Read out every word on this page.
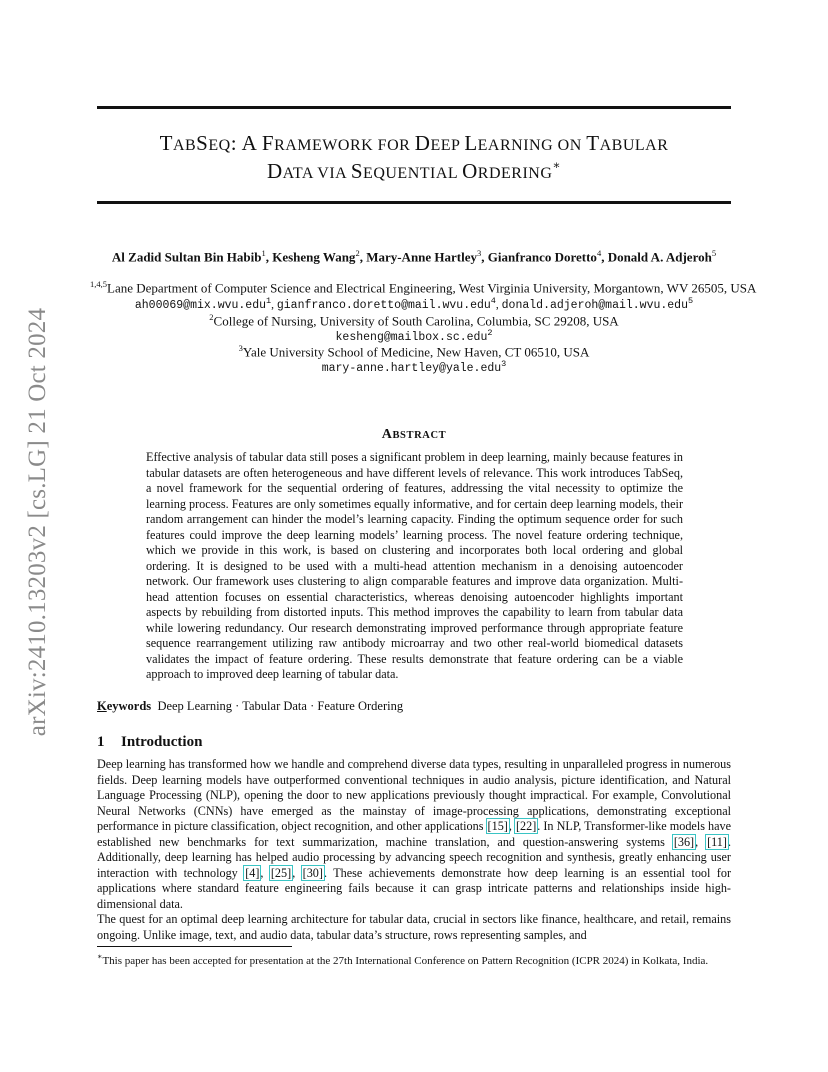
arXiv:2410.13203v2 [cs.LG] 21 Oct 2024
TABSEQ: A FRAMEWORK FOR DEEP LEARNING ON TABULAR
DATA VIA SEQUENTIAL ORDERING∗
Al Zadid Sultan Bin Habib$^1$, Kesheng Wang$^2$, Mary-Anne Hartley$^3$, Gianfranco Doretto$^4$, Donald A. Adjeroh$^5$
$^{1,4,5}$Lane Department of Computer Science and Electrical Engineering, West Virginia University, Morgantown, WV 26505, USA
ah00069@mix.wvu.edu$^1$, gianfranco.doretto@mail.wvu.edu$^4$, donald.adjeroh@mail.wvu.edu$^5$
$^2$College of Nursing, University of South Carolina, Columbia, SC 29208, USA
kesheng@mailbox.sc.edu$^2$
$^3$Yale University School of Medicine, New Haven, CT 06510, USA
mary-anne.hartley@yale.edu$^3$
ABSTRACT
Effective analysis of tabular data still poses a significant problem in deep learning, mainly because features in tabular datasets are often heterogeneous and have different levels of relevance. This work introduces TabSeq, a novel framework for the sequential ordering of features, addressing the vital necessity to optimize the learning process. Features are only sometimes equally informative, and for certain deep learning models, their random arrangement can hinder the model’s learning capacity. Finding the optimum sequence order for such features could improve the deep learning models’ learning process. The novel feature ordering technique, which we provide in this work, is based on clustering and incorporates both local ordering and global ordering. It is designed to be used with a multi-head attention mechanism in a denoising autoencoder network. Our framework uses clustering to align comparable features and improve data organization. Multi-head attention focuses on essential characteristics, whereas denoising autoencoder highlights important aspects by rebuilding from distorted inputs. This method improves the capability to learn from tabular data while lowering redundancy. Our research demonstrating improved performance through appropriate feature sequence rearrangement utilizing raw antibody microarray and two other real-world biomedical datasets validates the impact of feature ordering. These results demonstrate that feature ordering can be a viable approach to improved deep learning of tabular data.
Keywords Deep Learning · Tabular Data · Feature Ordering
1 Introduction
Deep learning has transformed how we handle and comprehend diverse data types, resulting in unparalleled progress in numerous fields. Deep learning models have outperformed conventional techniques in audio analysis, picture identification, and Natural Language Processing (NLP), opening the door to new applications previously thought impractical. For example, Convolutional Neural Networks (CNNs) have emerged as the mainstay of image-processing applications, demonstrating exceptional performance in picture classification, object recognition, and other applications [15], [22]. In NLP, Transformer-like models have established new benchmarks for text summarization, machine translation, and question-answering systems [36], [11]. Additionally, deep learning has helped audio processing by advancing speech recognition and synthesis, greatly enhancing user interaction with technology [4], [25], [30]. These achievements demonstrate how deep learning is an essential tool for applications where standard feature engineering fails because it can grasp intricate patterns and relationships inside high-dimensional data.
The quest for an optimal deep learning architecture for tabular data, crucial in sectors like finance, healthcare, and retail, remains ongoing. Unlike image, text, and audio data, tabular data’s structure, rows representing samples, and
∗This paper has been accepted for presentation at the 27th International Conference on Pattern Recognition (ICPR 2024) in Kolkata, India.
